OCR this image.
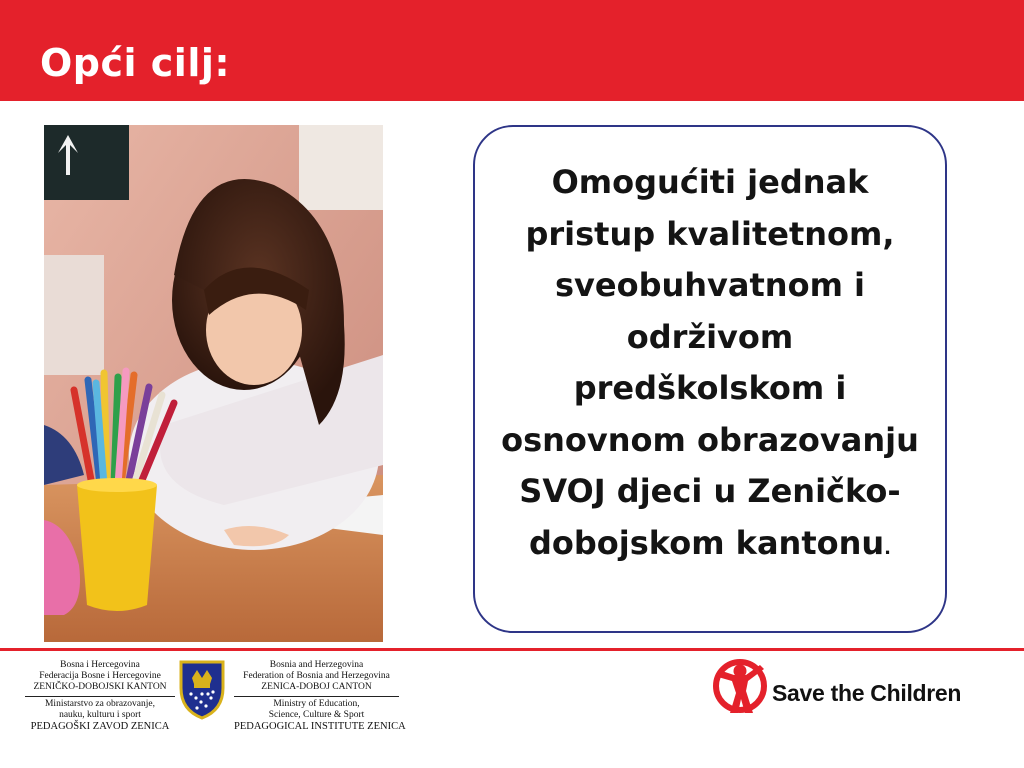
Opći cilj:
Omogućiti jednak pristup kvalitetnom, sveobuhvatnom i održivom predškolskom i osnovnom obrazovanju SVOJ djeci u Zeničko-dobojskom kantonu.
Bosna i Hercegovina
Federacija Bosne i Hercegovine
ZENIČKO-DOBOJSKI KANTON
Ministarstvo za obrazovanje,
nauku, kulturu i sport
PEDAGOŠKI ZAVOD ZENICA
Bosnia and Herzegovina
Federation of Bosnia and Herzegovina
ZENICA-DOBOJ CANTON
Ministry of Education,
Science, Culture & Sport
PEDAGOGICAL INSTITUTE ZENICA
Save the Children
